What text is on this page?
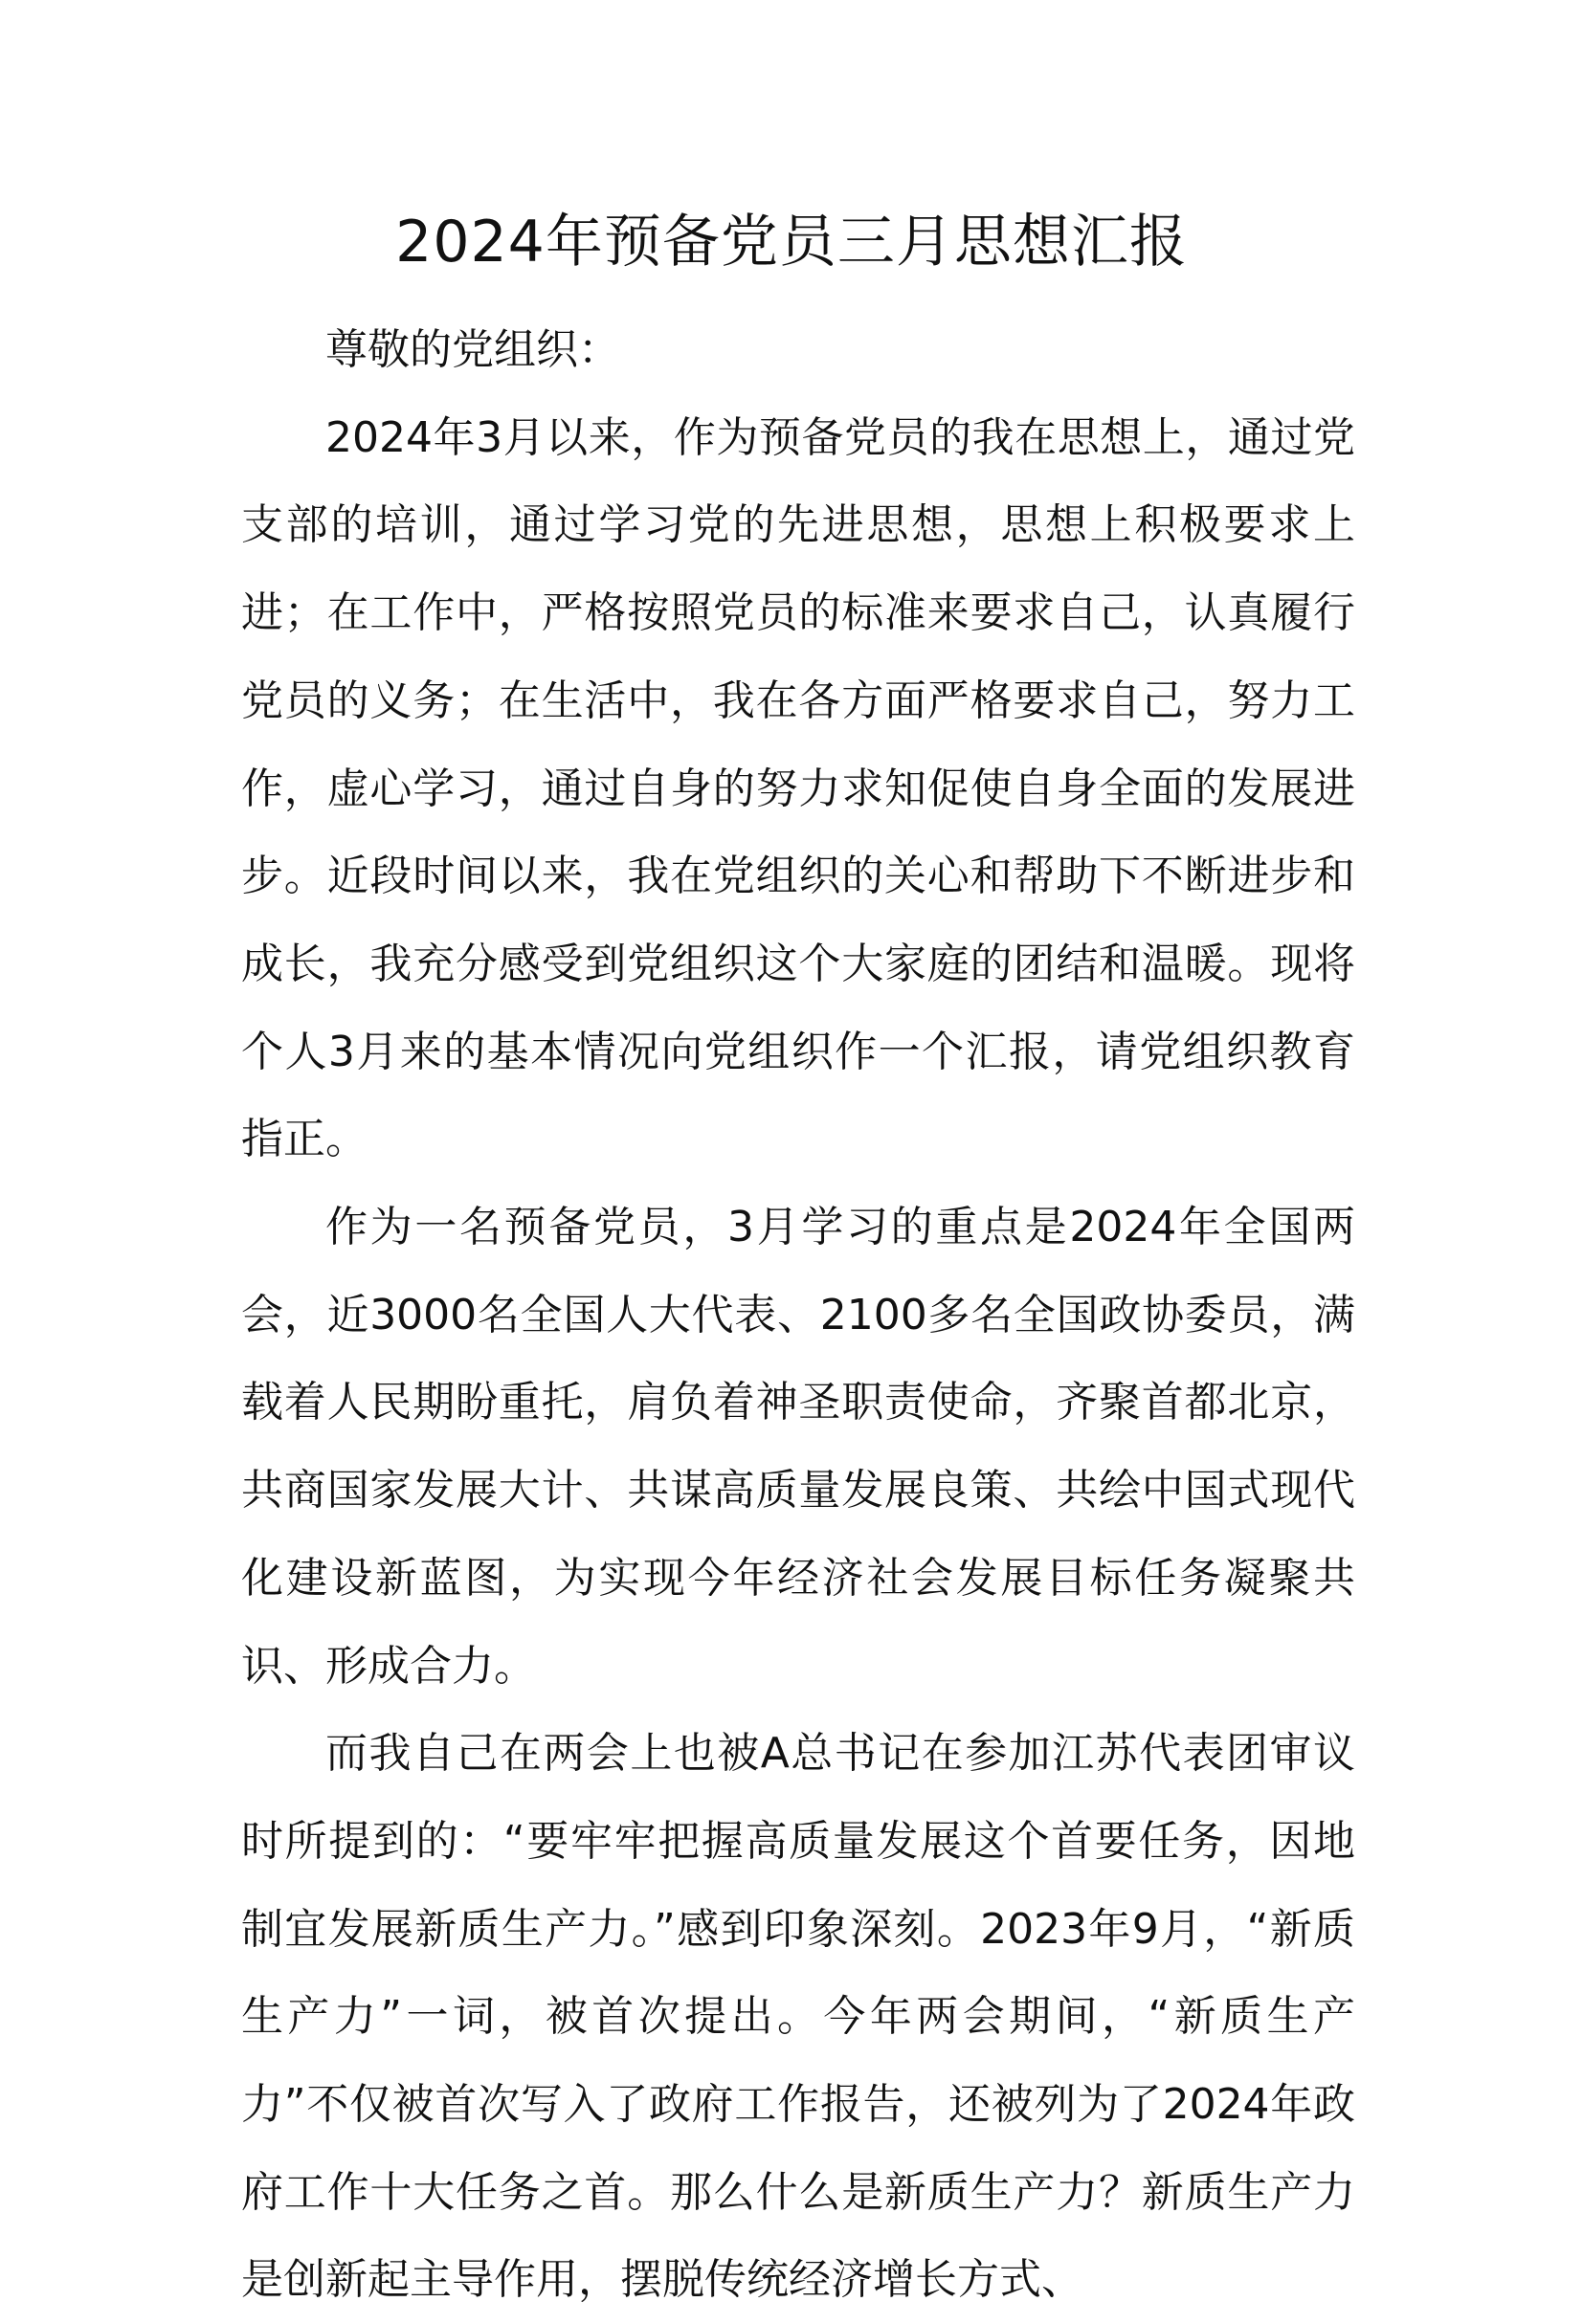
2024年预备党员三月思想汇报

尊敬的党组织：

2024年3月以来，作为预备党员的我在思想上，通过党支部的培训，通过学习党的先进思想，思想上积极要求上进；在工作中，严格按照党员的标准来要求自己，认真履行党员的义务；在生活中，我在各方面严格要求自己，努力工作，虚心学习，通过自身的努力求知促使自身全面的发展进步。近段时间以来，我在党组织的关心和帮助下不断进步和成长，我充分感受到党组织这个大家庭的团结和温暖。现将个人3月来的基本情况向党组织作一个汇报，请党组织教育指正。

作为一名预备党员，3月学习的重点是2024年全国两会，近3000名全国人大代表、2100多名全国政协委员，满载着人民期盼重托，肩负着神圣职责使命，齐聚首都北京，共商国家发展大计、共谋高质量发展良策、共绘中国式现代化建设新蓝图，为实现今年经济社会发展目标任务凝聚共识、形成合力。

而我自己在两会上也被A总书记在参加江苏代表团审议时所提到的：“要牢牢把握高质量发展这个首要任务，因地制宜发展新质生产力。”感到印象深刻。2023年9月，“新质生产力”一词，被首次提出。今年两会期间，“新质生产力”不仅被首次写入了政府工作报告，还被列为了2024年政府工作十大任务之首。那么什么是新质生产力？新质生产力是创新起主导作用，摆脱传统经济增长方式、
